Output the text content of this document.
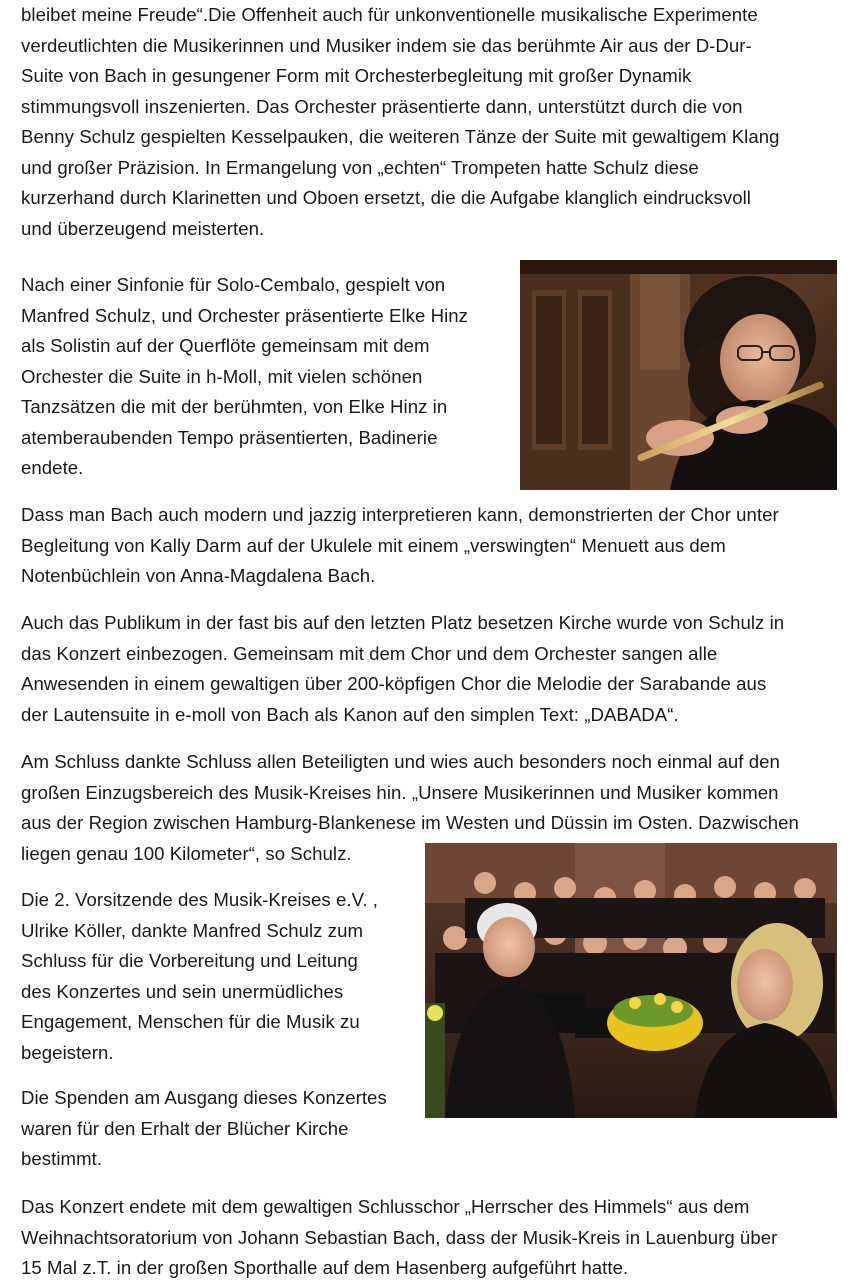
bleibet meine Freude“.Die Offenheit auch für unkonventionelle musikalische Experimente
verdeutlichten die Musikerinnen und Musiker indem sie das berühmte Air aus der D-Dur-
Suite von Bach in gesungener Form mit Orchesterbegleitung mit großer Dynamik
stimmungsvoll inszenierten. Das Orchester präsentierte dann, unterstützt durch die von
Benny Schulz gespielten Kesselpauken, die weiteren Tänze der Suite mit gewaltigem Klang
und großer Präzision. In Ermangelung von „echten“ Trompeten hatte Schulz diese
kurzerhand durch Klarinetten und Oboen ersetzt, die die Aufgabe klanglich eindrucksvoll
und überzeugend meisterten.
Nach einer Sinfonie für Solo-Cembalo, gespielt von
Manfred Schulz, und Orchester präsentierte Elke Hinz
als Solistin auf der Querflöte gemeinsam mit dem
Orchester die Suite in h-Moll, mit vielen schönen
Tanzsätzen die mit der berühmten, von Elke Hinz in
atemberaubenden Tempo präsentierten, Badinerie
endete.
Dass man Bach auch modern und jazzig interpretieren kann, demonstrierten der Chor unter
Begleitung von Kally Darm auf der Ukulele mit einem „verswingten“ Menuett aus dem
Notenbüchlein von Anna-Magdalena Bach.
Auch das Publikum in der fast bis auf den letzten Platz besetzen Kirche wurde von Schulz in
das Konzert einbezogen. Gemeinsam mit dem Chor und dem Orchester sangen alle
Anwesenden in einem gewaltigen über 200-köpfigen Chor die Melodie der Sarabande aus
der Lautensuite in e-moll von Bach als Kanon auf den simplen Text: „DABADA“.
Am Schluss dankte Schluss allen Beteiligten und wies auch besonders noch einmal auf den
großen Einzugsbereich des Musik-Kreises hin. „Unsere Musikerinnen und Musiker kommen
aus der Region zwischen Hamburg-Blankenese im Westen und Düssin im Osten. Dazwischen
liegen genau 100 Kilometer“, so Schulz.
Die 2. Vorsitzende des Musik-Kreises e.V. ,
Ulrike Köller, dankte Manfred Schulz zum
Schluss für die Vorbereitung und Leitung
des Konzertes und sein unermüdliches
Engagement, Menschen für die Musik zu
begeistern.
Die Spenden am Ausgang dieses Konzertes
waren für den Erhalt der Blücher Kirche
bestimmt.
Das Konzert endete mit dem gewaltigen Schlusschor „Herrscher des Himmels“ aus dem
Weihnachtsoratorium von Johann Sebastian Bach, dass der Musik-Kreis in Lauenburg über
15 Mal z.T. in der großen Sporthalle auf dem Hasenberg aufgeführt hatte.
